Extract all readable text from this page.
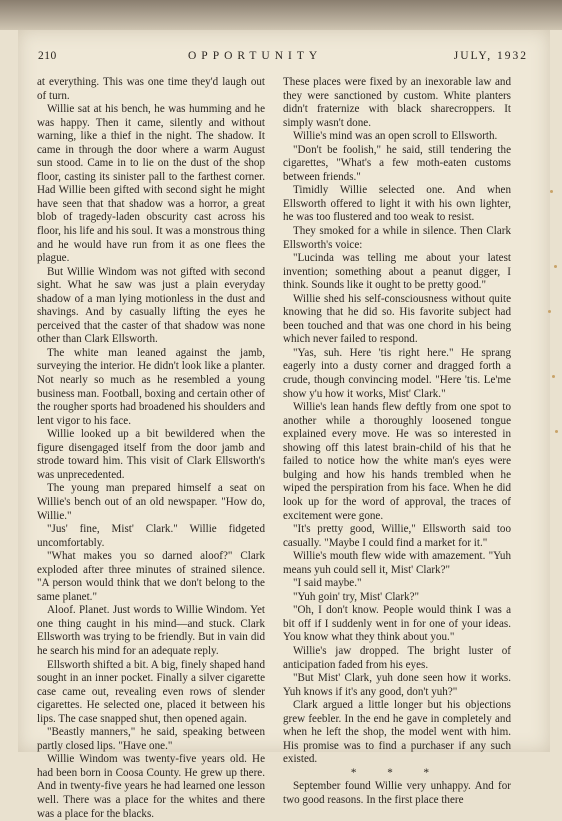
210	OPPORTUNITY	JULY, 1932

at everything. This was one time they'd laugh out of turn.

Willie sat at his bench, he was humming and he was happy. Then it came, silently and without warning, like a thief in the night. The shadow. It came in through the door where a warm August sun stood. Came in to lie on the dust of the shop floor, casting its sinister pall to the farthest corner. Had Willie been gifted with second sight he might have seen that that shadow was a horror, a great blob of tragedy-laden obscurity cast across his floor, his life and his soul. It was a monstrous thing and he would have run from it as one flees the plague.

But Willie Windom was not gifted with second sight. What he saw was just a plain everyday shadow of a man lying motionless in the dust and shavings. And by casually lifting the eyes he perceived that the caster of that shadow was none other than Clark Ellsworth.

The white man leaned against the jamb, surveying the interior. He didn't look like a planter. Not nearly so much as he resembled a young business man. Football, boxing and certain other of the rougher sports had broadened his shoulders and lent vigor to his face.

Willie looked up a bit bewildered when the figure disengaged itself from the door jamb and strode toward him. This visit of Clark Ellsworth's was unprecedented.

The young man prepared himself a seat on Willie's bench out of an old newspaper. "How do, Willie."

"Jus' fine, Mist' Clark." Willie fidgeted uncomfortably.

"What makes you so darned aloof?" Clark exploded after three minutes of strained silence. "A person would think that we don't belong to the same planet."

Aloof. Planet. Just words to Willie Windom. Yet one thing caught in his mind—and stuck. Clark Ellsworth was trying to be friendly. But in vain did he search his mind for an adequate reply.

Ellsworth shifted a bit. A big, finely shaped hand sought in an inner pocket. Finally a silver cigarette case came out, revealing even rows of slender cigarettes. He selected one, placed it between his lips. The case snapped shut, then opened again.

"Beastly manners," he said, speaking between partly closed lips. "Have one."

Willie Windom was twenty-five years old. He had been born in Coosa County. He grew up there. And in twenty-five years he had learned one lesson well. There was a place for the whites and there was a place for the blacks.

These places were fixed by an inexorable law and they were sanctioned by custom. White planters didn't fraternize with black sharecroppers. It simply wasn't done.

Willie's mind was an open scroll to Ellsworth.

"Don't be foolish," he said, still tendering the cigarettes, "What's a few moth-eaten customs between friends."

Timidly Willie selected one. And when Ellsworth offered to light it with his own lighter, he was too flustered and too weak to resist.

They smoked for a while in silence. Then Clark Ellsworth's voice:

"Lucinda was telling me about your latest invention; something about a peanut digger, I think. Sounds like it ought to be pretty good."

Willie shed his self-consciousness without quite knowing that he did so. His favorite subject had been touched and that was one chord in his being which never failed to respond.

"Yas, suh. Here 'tis right here." He sprang eagerly into a dusty corner and dragged forth a crude, though convincing model. "Here 'tis. Le'me show y'u how it works, Mist' Clark."

Willie's lean hands flew deftly from one spot to another while a thoroughly loosened tongue explained every move. He was so interested in showing off this latest brain-child of his that he failed to notice how the white man's eyes were bulging and how his hands trembled when he wiped the perspiration from his face. When he did look up for the word of approval, the traces of excitement were gone.

"It's pretty good, Willie," Ellsworth said too casually. "Maybe I could find a market for it."

Willie's mouth flew wide with amazement. "Yuh means yuh could sell it, Mist' Clark?"

"I said maybe."

"Yuh goin' try, Mist' Clark?"

"Oh, I don't know. People would think I was a bit off if I suddenly went in for one of your ideas. You know what they think about you."

Willie's jaw dropped. The bright luster of anticipation faded from his eyes.

"But Mist' Clark, yuh done seen how it works. Yuh knows if it's any good, don't yuh?"

Clark argued a little longer but his objections grew feebler. In the end he gave in completely and when he left the shop, the model went with him. His promise was to find a purchaser if any such existed.

* * *

September found Willie very unhappy. And for two good reasons. In the first place there
